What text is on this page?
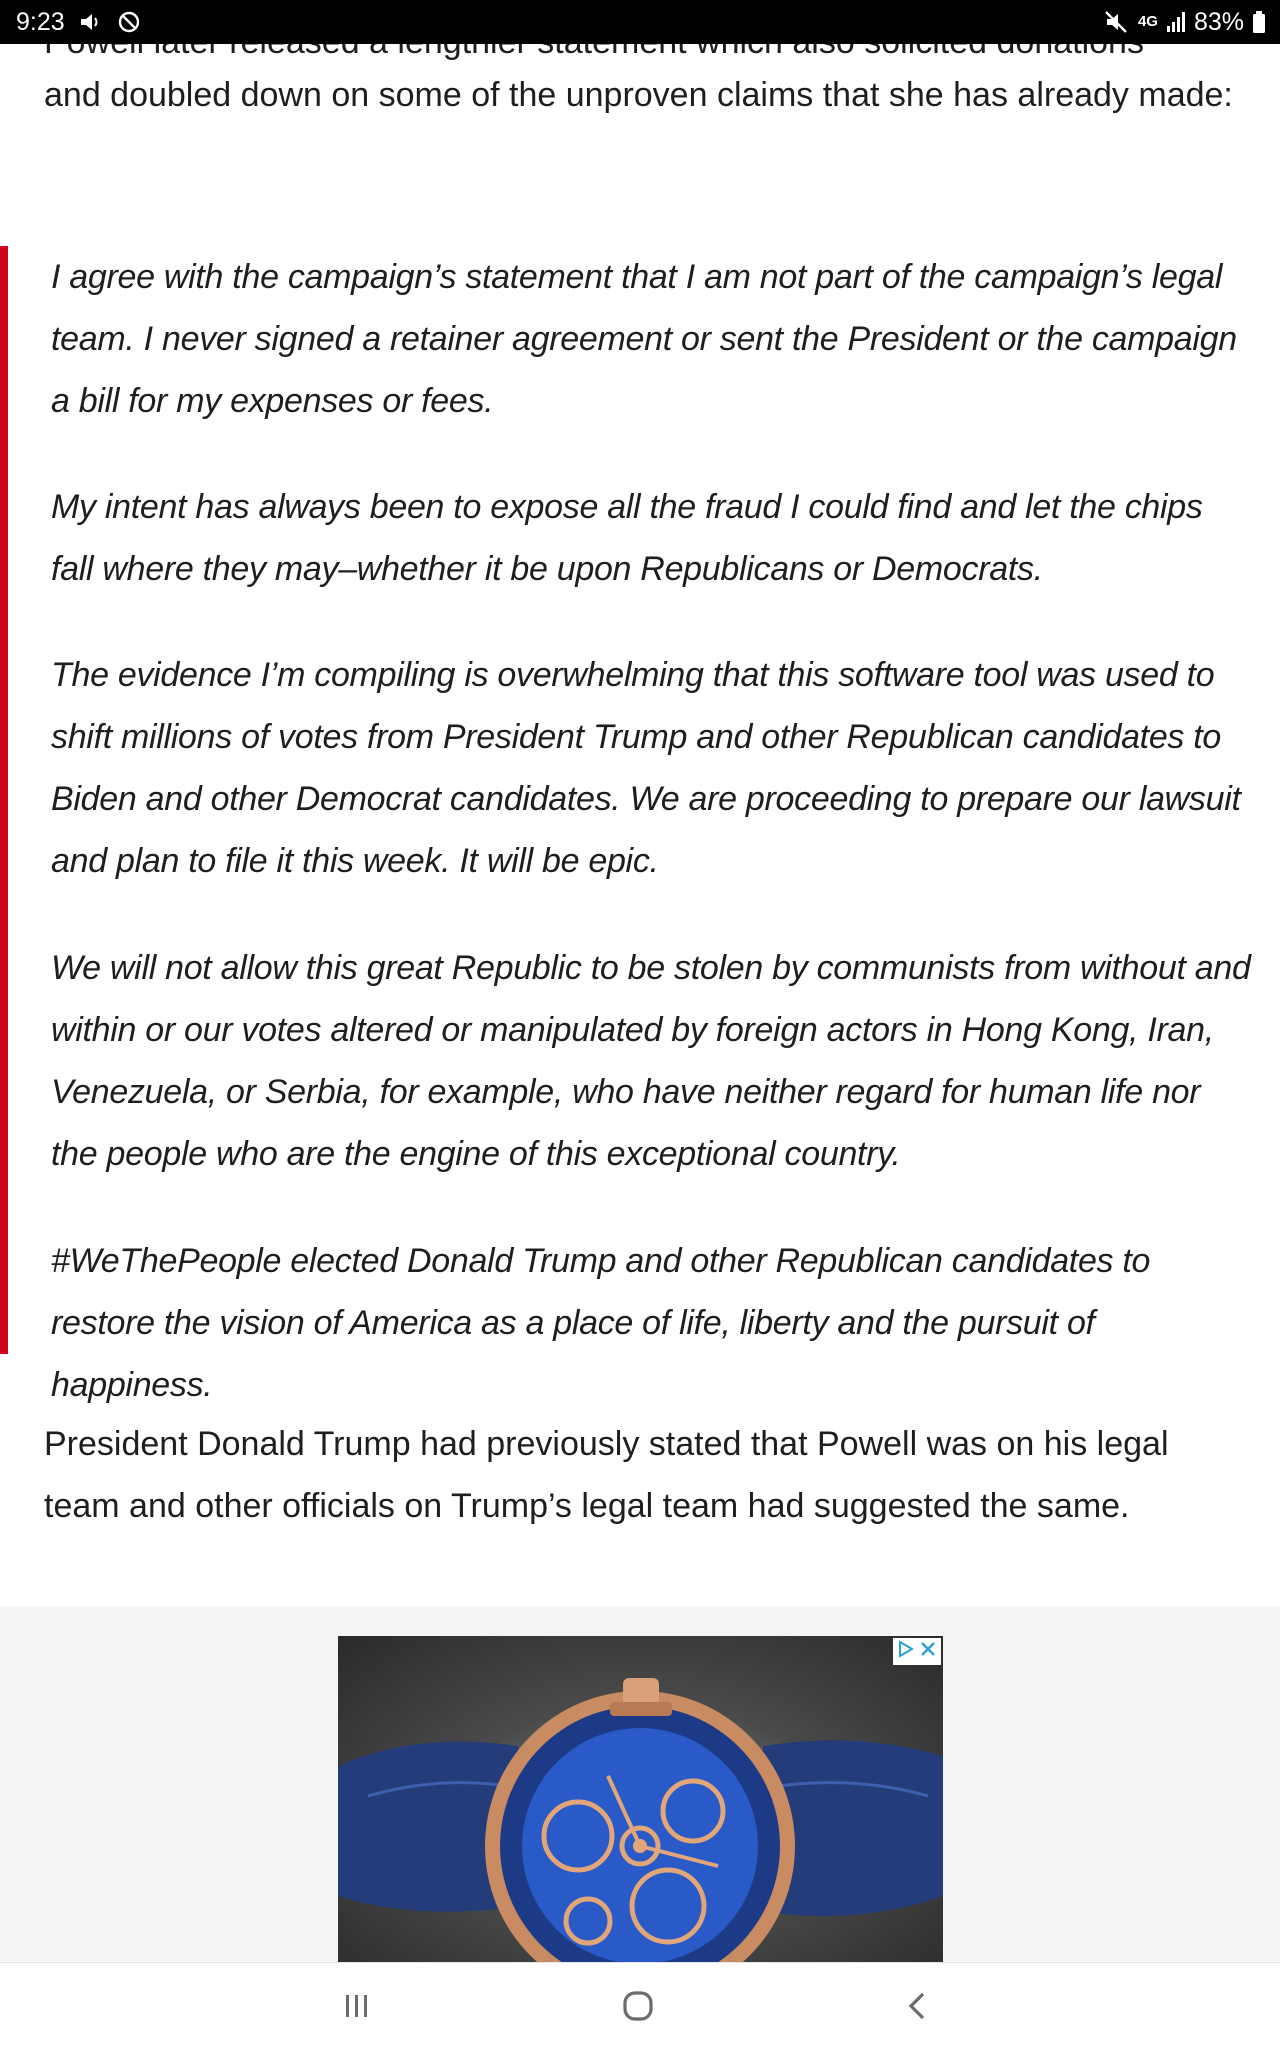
9:23	4G 83%

and doubled down on some of the unproven claims that she has already made:

I agree with the campaign’s statement that I am not part of the campaign’s legal team. I never signed a retainer agreement or sent the President or the campaign a bill for my expenses or fees.

My intent has always been to expose all the fraud I could find and let the chips fall where they may–whether it be upon Republicans or Democrats.

The evidence I’m compiling is overwhelming that this software tool was used to shift millions of votes from President Trump and other Republican candidates to Biden and other Democrat candidates. We are proceeding to prepare our lawsuit and plan to file it this week. It will be epic.

We will not allow this great Republic to be stolen by communists from without and within or our votes altered or manipulated by foreign actors in Hong Kong, Iran, Venezuela, or Serbia, for example, who have neither regard for human life nor the people who are the engine of this exceptional country.

#WeThePeople elected Donald Trump and other Republican candidates to restore the vision of America as a place of life, liberty and the pursuit of happiness.

President Donald Trump had previously stated that Powell was on his legal team and other officials on Trump’s legal team had suggested the same.
